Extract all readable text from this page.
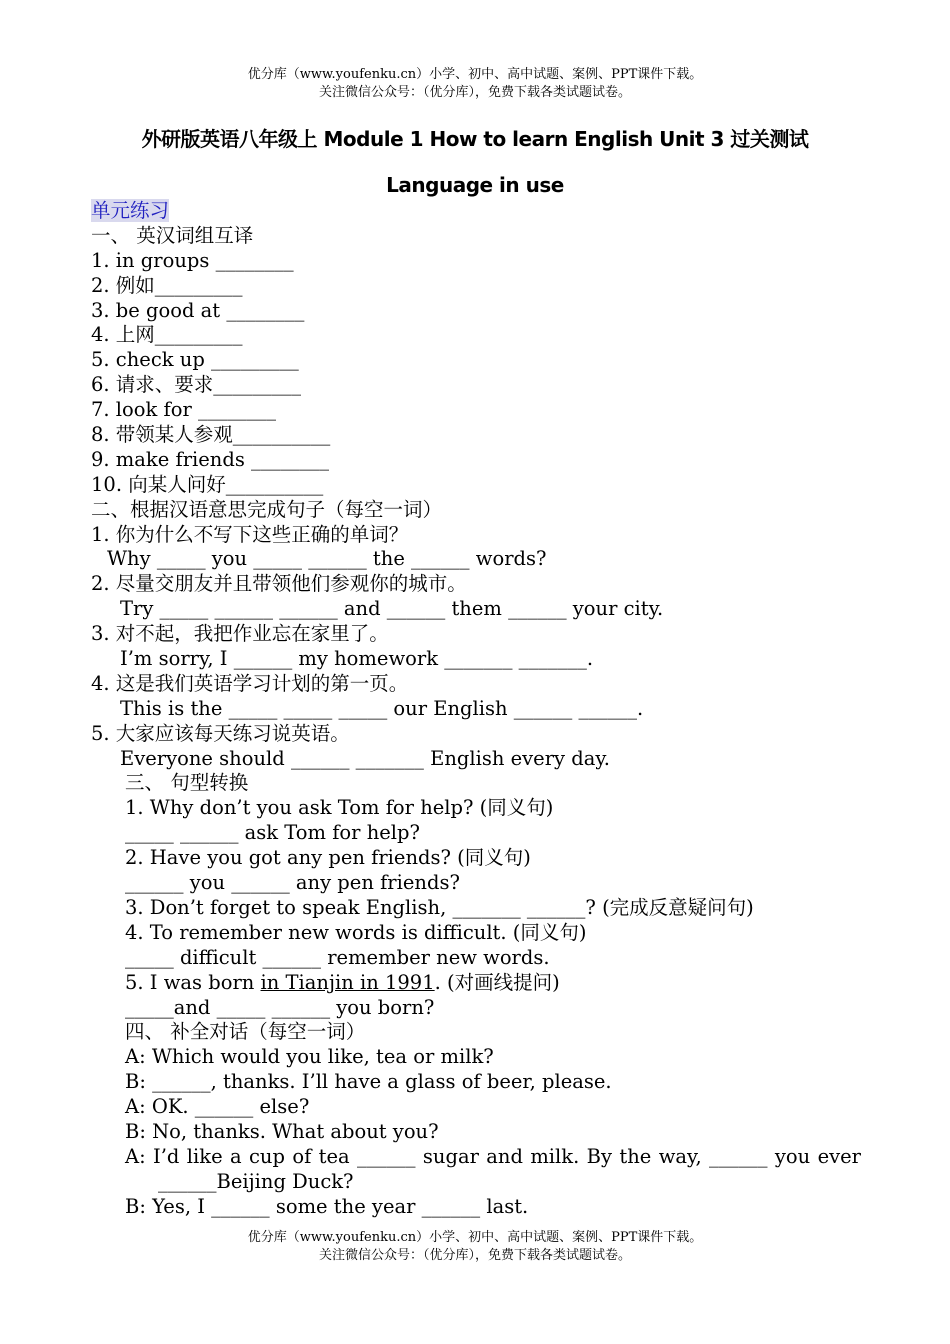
优分库（www.youfenku.cn）小学、初中、高中试题、案例、PPT课件下载。
关注微信公众号：（优分库），免费下载各类试题试卷。
外研版英语八年级上 Module 1 How to learn English Unit 3 过关测试
Language in use
单元练习
一、 英汉词组互译
1. in groups ________
2. 例如_________
3. be good at ________
4. 上网_________
5. check up _________
6. 请求、要求_________
7. look for ________
8. 带领某人参观__________
9. make friends ________
10. 向某人问好__________
二、根据汉语意思完成句子（每空一词）
1. 你为什么不写下这些正确的单词？
Why _____ you _____ ______ the ______ words?
2. 尽量交朋友并且带领他们参观你的城市。
Try _____ ______ ______ and ______ them ______ your city.
3. 对不起，我把作业忘在家里了。
I’m sorry, I ______ my homework _______ _______.
4. 这是我们英语学习计划的第一页。
This is the _____ _____ _____ our English ______ ______.
5. 大家应该每天练习说英语。
Everyone should ______ _______ English every day.
三、 句型转换
1. Why don’t you ask Tom for help? (同义句)
_____ ______ ask Tom for help?
2. Have you got any pen friends? (同义句)
______ you ______ any pen friends?
3. Don’t forget to speak English, _______ ______? (完成反意疑问句)
4. To remember new words is difficult. (同义句)
_____ difficult ______ remember new words.
5. I was born in Tianjin in 1991. (对画线提问)
_____and _____ ______ you born?
四、 补全对话（每空一词）
A: Which would you like, tea or milk?
B: ______, thanks. I’ll have a glass of beer, please.
A: OK. ______ else?
B: No, thanks. What about you?
A: I’d like a cup of tea ______ sugar and milk. By the way, ______ you ever ______Beijing Duck?
B: Yes, I ______ some the year ______ last.
优分库（www.youfenku.cn）小学、初中、高中试题、案例、PPT课件下载。
关注微信公众号：（优分库），免费下载各类试题试卷。
